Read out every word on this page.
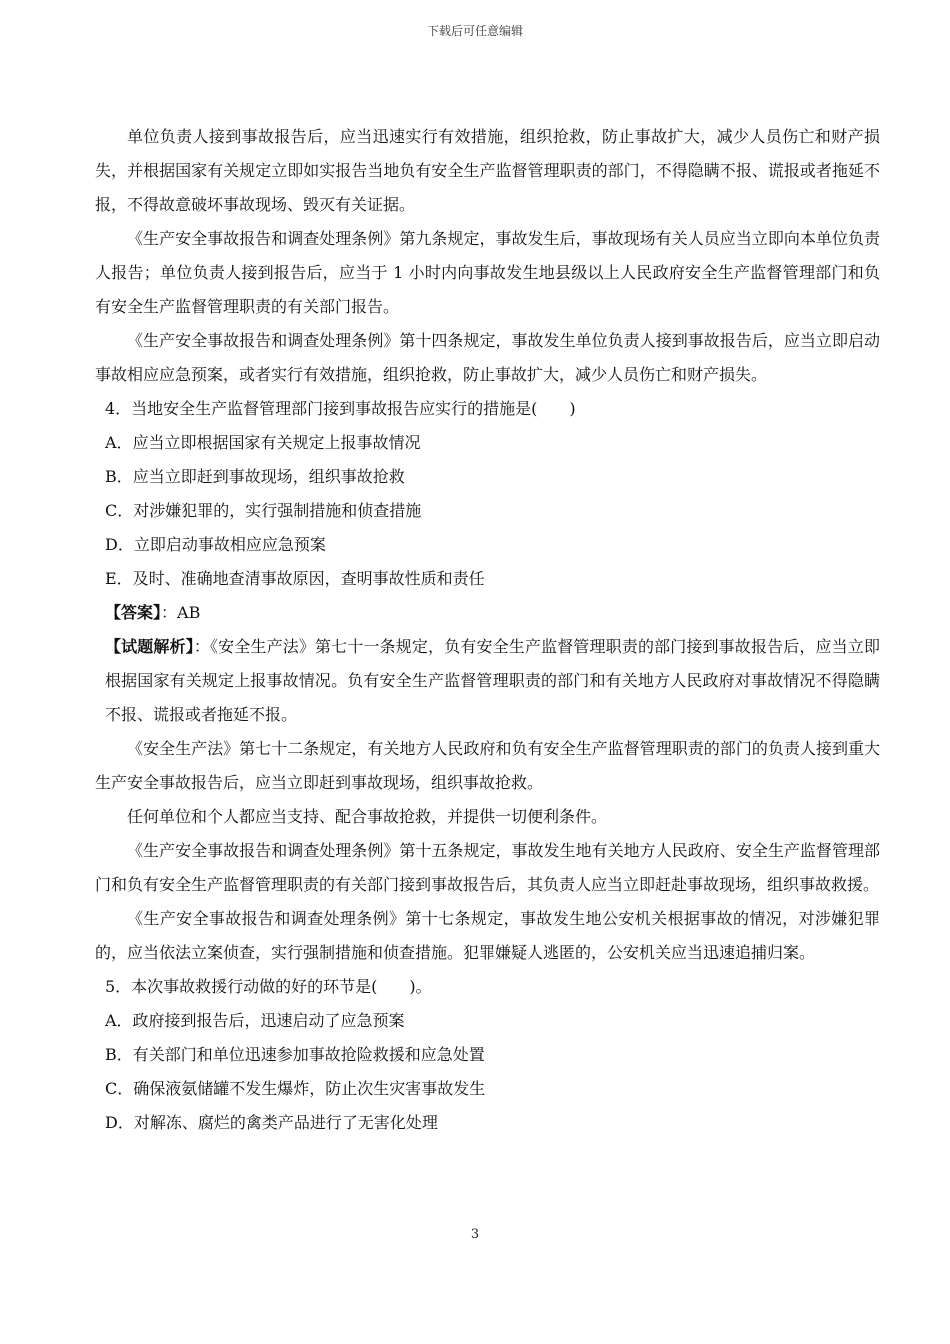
下载后可任意编辑

单位负责人接到事故报告后，应当迅速实行有效措施，组织抢救，防止事故扩大，减少人员伤亡和财产损失，并根据国家有关规定立即如实报告当地负有安全生产监督管理职责的部门，不得隐瞒不报、谎报或者拖延不报，不得故意破坏事故现场、毁灭有关证据。

《生产安全事故报告和调查处理条例》第九条规定，事故发生后，事故现场有关人员应当立即向本单位负责人报告；单位负责人接到报告后，应当于 1 小时内向事故发生地县级以上人民政府安全生产监督管理部门和负有安全生产监督管理职责的有关部门报告。

《生产安全事故报告和调查处理条例》第十四条规定，事故发生单位负责人接到事故报告后，应当立即启动事故相应应急预案，或者实行有效措施，组织抢救，防止事故扩大，减少人员伤亡和财产损失。

4．当地安全生产监督管理部门接到事故报告应实行的措施是(　　)

A．应当立即根据国家有关规定上报事故情况

B．应当立即赶到事故现场，组织事故抢救

C．对涉嫌犯罪的，实行强制措施和侦查措施

D．立即启动事故相应应急预案

E．及时、准确地查清事故原因，查明事故性质和责任

【答案】：AB

【试题解析】：《安全生产法》第七十一条规定，负有安全生产监督管理职责的部门接到事故报告后，应当立即根据国家有关规定上报事故情况。负有安全生产监督管理职责的部门和有关地方人民政府对事故情况不得隐瞒不报、谎报或者拖延不报。

《安全生产法》第七十二条规定，有关地方人民政府和负有安全生产监督管理职责的部门的负责人接到重大生产安全事故报告后，应当立即赶到事故现场，组织事故抢救。

任何单位和个人都应当支持、配合事故抢救，并提供一切便利条件。

《生产安全事故报告和调查处理条例》第十五条规定，事故发生地有关地方人民政府、安全生产监督管理部门和负有安全生产监督管理职责的有关部门接到事故报告后，其负责人应当立即赶赴事故现场，组织事故救援。

《生产安全事故报告和调查处理条例》第十七条规定，事故发生地公安机关根据事故的情况，对涉嫌犯罪的，应当依法立案侦查，实行强制措施和侦查措施。犯罪嫌疑人逃匿的，公安机关应当迅速追捕归案。

5．本次事故救援行动做的好的环节是(　　)。

A．政府接到报告后，迅速启动了应急预案

B．有关部门和单位迅速参加事故抢险救援和应急处置

C．确保液氨储罐不发生爆炸，防止次生灾害事故发生

D．对解冻、腐烂的禽类产品进行了无害化处理

3
